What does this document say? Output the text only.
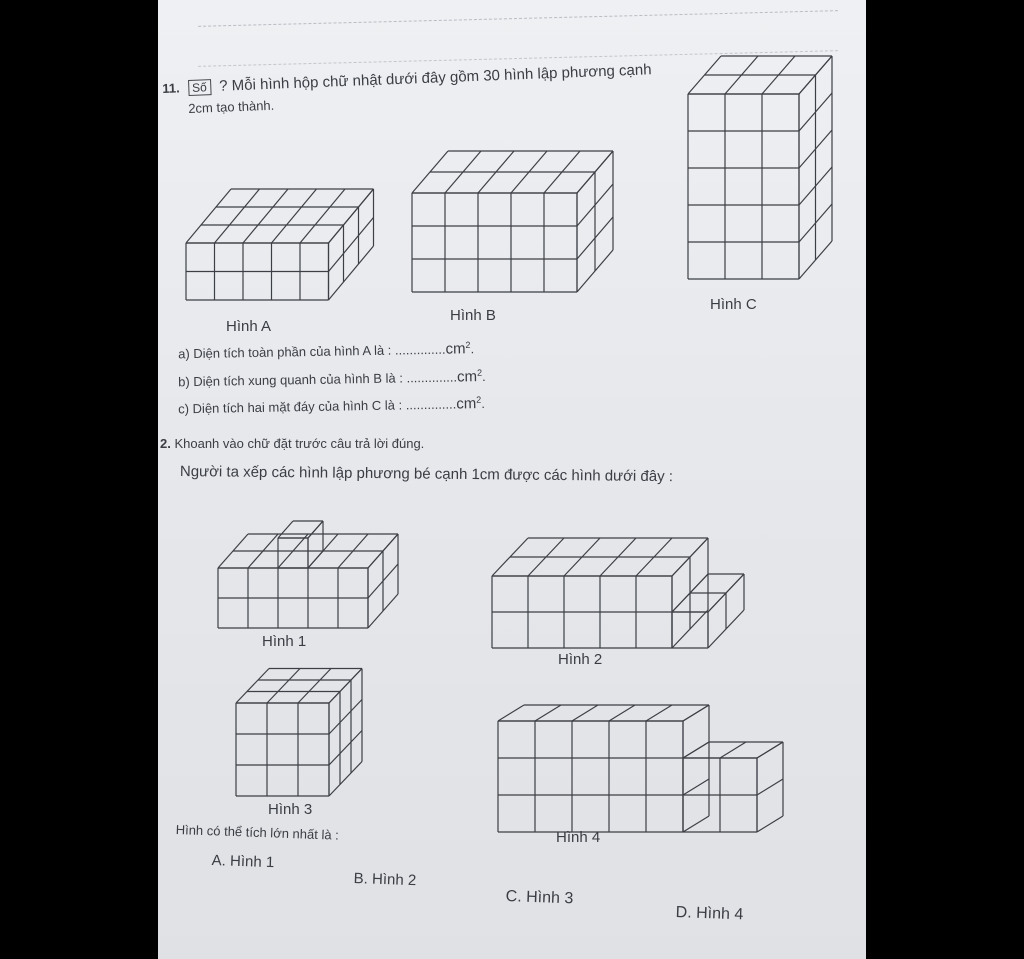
11. Số ? Mỗi hình hộp chữ nhật dưới đây gồm 30 hình lập phương cạnh
2cm tạo thành.
Hình A
Hình B
Hình C
a) Diện tích toàn phần của hình A là : $..............cm^2$.
b) Diện tích xung quanh của hình B là : $..............cm^2$.
c) Diện tích hai mặt đáy của hình C là : $..............cm^2$.
2. Khoanh vào chữ đặt trước câu trả lời đúng.
Người ta xếp các hình lập phương bé cạnh 1cm được các hình dưới đây :
Hình 1
Hình 2
Hình 3
Hình 4
Hình có thể tích lớn nhất là :
A. Hình 1
B. Hình 2
C. Hình 3
D. Hình 4
